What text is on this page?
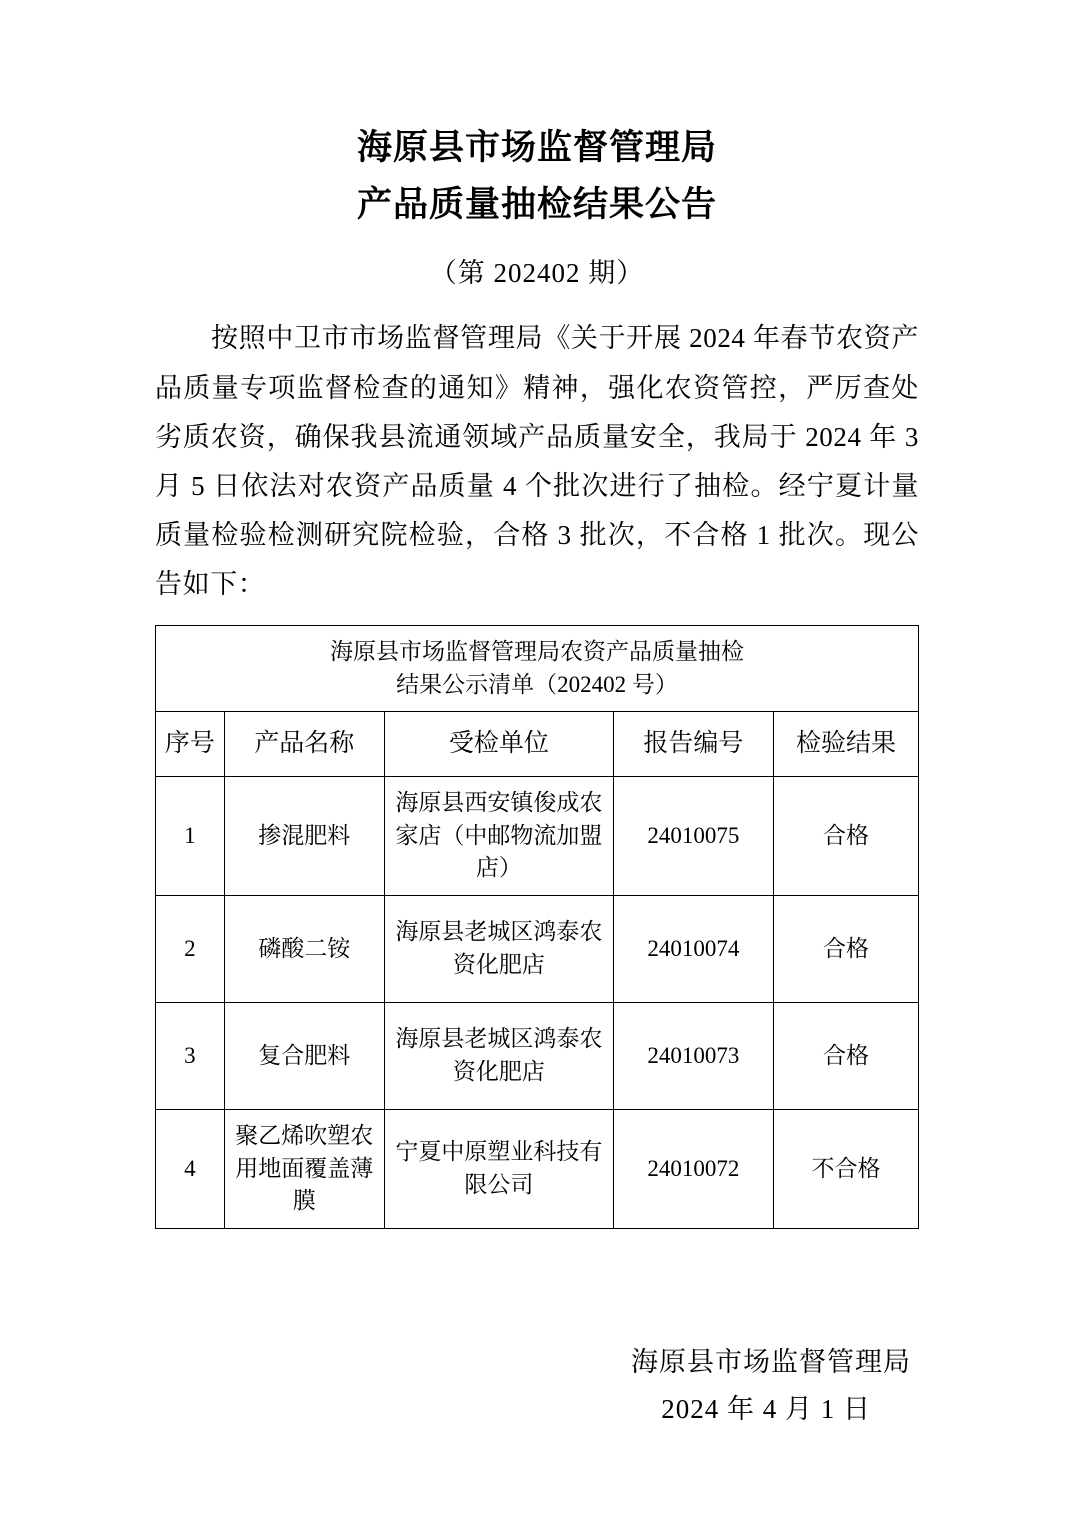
海原县市场监督管理局
产品质量抽检结果公告
（第 202402 期）
按照中卫市市场监督管理局《关于开展 2024 年春节农资产品质量专项监督检查的通知》精神，强化农资管控，严厉查处劣质农资，确保我县流通领域产品质量安全，我局于 2024 年 3 月 5 日依法对农资产品质量 4 个批次进行了抽检。经宁夏计量质量检验检测研究院检验，合格 3 批次，不合格 1 批次。现公告如下：
海原县市场监督管理局农资产品质量抽检
结果公示清单（202402 号）				

序号	产品名称	受检单位	报告编号	检验结果
1	掺混肥料	海原县西安镇俊成农家店（中邮物流加盟店）	24010075	合格
2	磷酸二铵	海原县老城区鸿泰农资化肥店	24010074	合格
3	复合肥料	海原县老城区鸿泰农资化肥店	24010073	合格
4	聚乙烯吹塑农用地面覆盖薄膜	宁夏中原塑业科技有限公司	24010072	不合格
海原县市场监督管理局
2024 年 4 月 1 日
